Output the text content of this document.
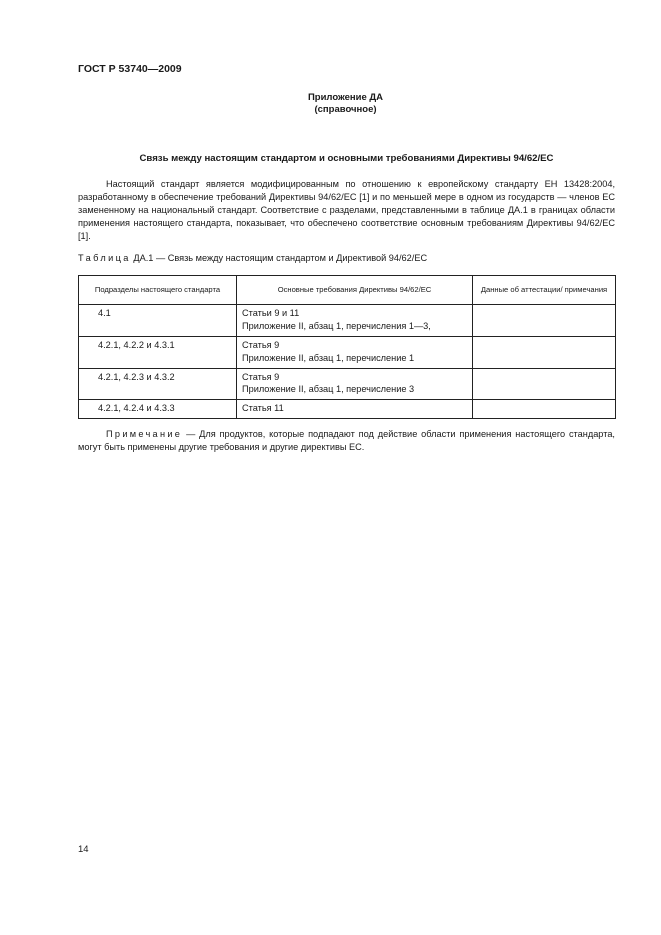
ГОСТ Р 53740—2009
Приложение ДА
(справочное)
Связь между настоящим стандартом и основными требованиями Директивы 94/62/ЕС

Настоящий стандарт является модифицированным по отношению к европейскому стандарту ЕН 13428:2004, разработанному в обеспечение требований Директивы 94/62/ЕС [1] и по меньшей мере в одном из государств — членов ЕС замененному на национальный стандарт. Соответствие с разделами, представленными в таблице ДА.1 в границах области применения настоящего стандарта, показывает, что обеспечено соответствие основным требованиям Директивы 94/62/ЕС [1].

Таблица ДА.1 — Связь между настоящим стандартом и Директивой 94/62/ЕС
Подразделы настоящего стандарта	Основные требования Директивы 94/62/ЕС	Данные об аттестации/ примечания
4.1	Статьи 9 и 11
Приложение II, абзац 1, перечисления 1—3,	

4.2.1, 4.2.2 и 4.3.1	Статья 9
Приложение II, абзац 1, перечисление 1	

4.2.1, 4.2.3 и 4.3.2	Статья 9
Приложение II, абзац 1, перечисление 3	

4.2.1, 4.2.4 и 4.3.3	Статья 11	

Примечание — Для продуктов, которые подпадают под действие области применения настоящего стандарта, могут быть применены другие требования и другие директивы ЕС.

14
